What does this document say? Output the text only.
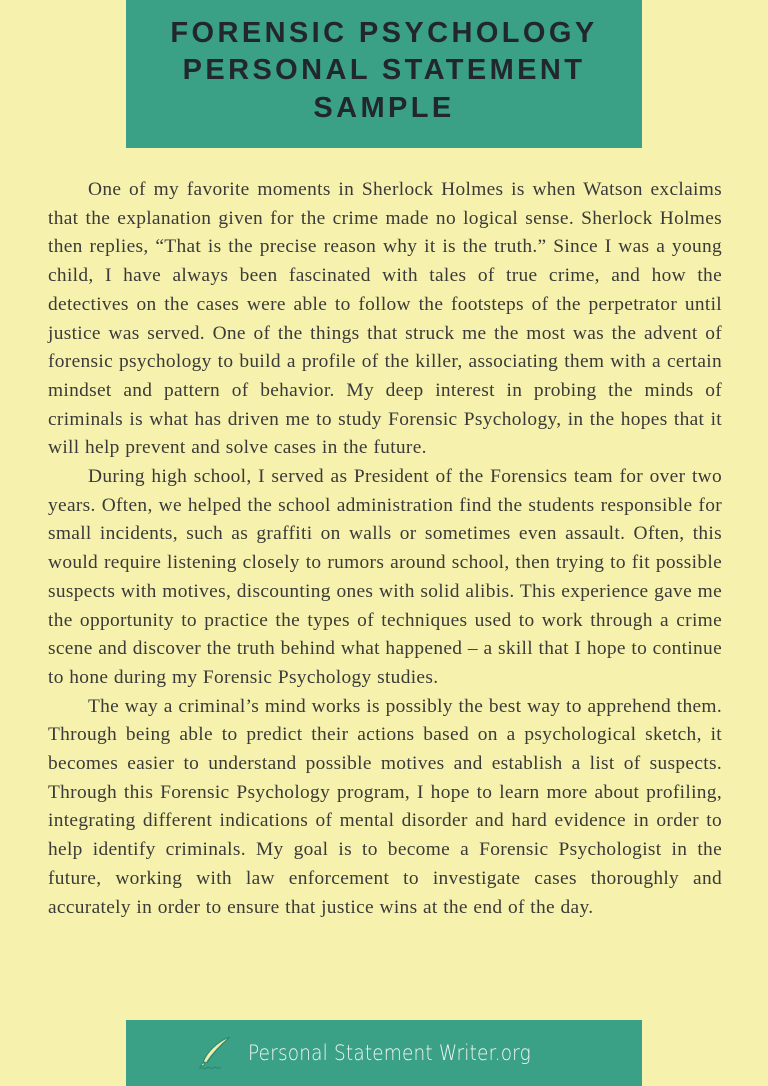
FORENSIC PSYCHOLOGY PERSONAL STATEMENT SAMPLE

One of my favorite moments in Sherlock Holmes is when Watson exclaims that the explanation given for the crime made no logical sense. Sherlock Holmes then replies, “That is the precise reason why it is the truth.” Since I was a young child, I have always been fascinated with tales of true crime, and how the detectives on the cases were able to follow the footsteps of the perpetrator until justice was served. One of the things that struck me the most was the advent of forensic psychology to build a profile of the killer, associating them with a certain mindset and pattern of behavior. My deep interest in probing the minds of criminals is what has driven me to study Forensic Psychology, in the hopes that it will help prevent and solve cases in the future.

During high school, I served as President of the Forensics team for over two years. Often, we helped the school administration find the students responsible for small incidents, such as graffiti on walls or sometimes even assault. Often, this would require listening closely to rumors around school, then trying to fit possible suspects with motives, discounting ones with solid alibis. This experience gave me the opportunity to practice the types of techniques used to work through a crime scene and discover the truth behind what happened – a skill that I hope to continue to hone during my Forensic Psychology studies.

The way a criminal’s mind works is possibly the best way to apprehend them. Through being able to predict their actions based on a psychological sketch, it becomes easier to understand possible motives and establish a list of suspects. Through this Forensic Psychology program, I hope to learn more about profiling, integrating different indications of mental disorder and hard evidence in order to help identify criminals. My goal is to become a Forensic Psychologist in the future, working with law enforcement to investigate cases thoroughly and accurately in order to ensure that justice wins at the end of the day.

Personal Statement Writer.org
